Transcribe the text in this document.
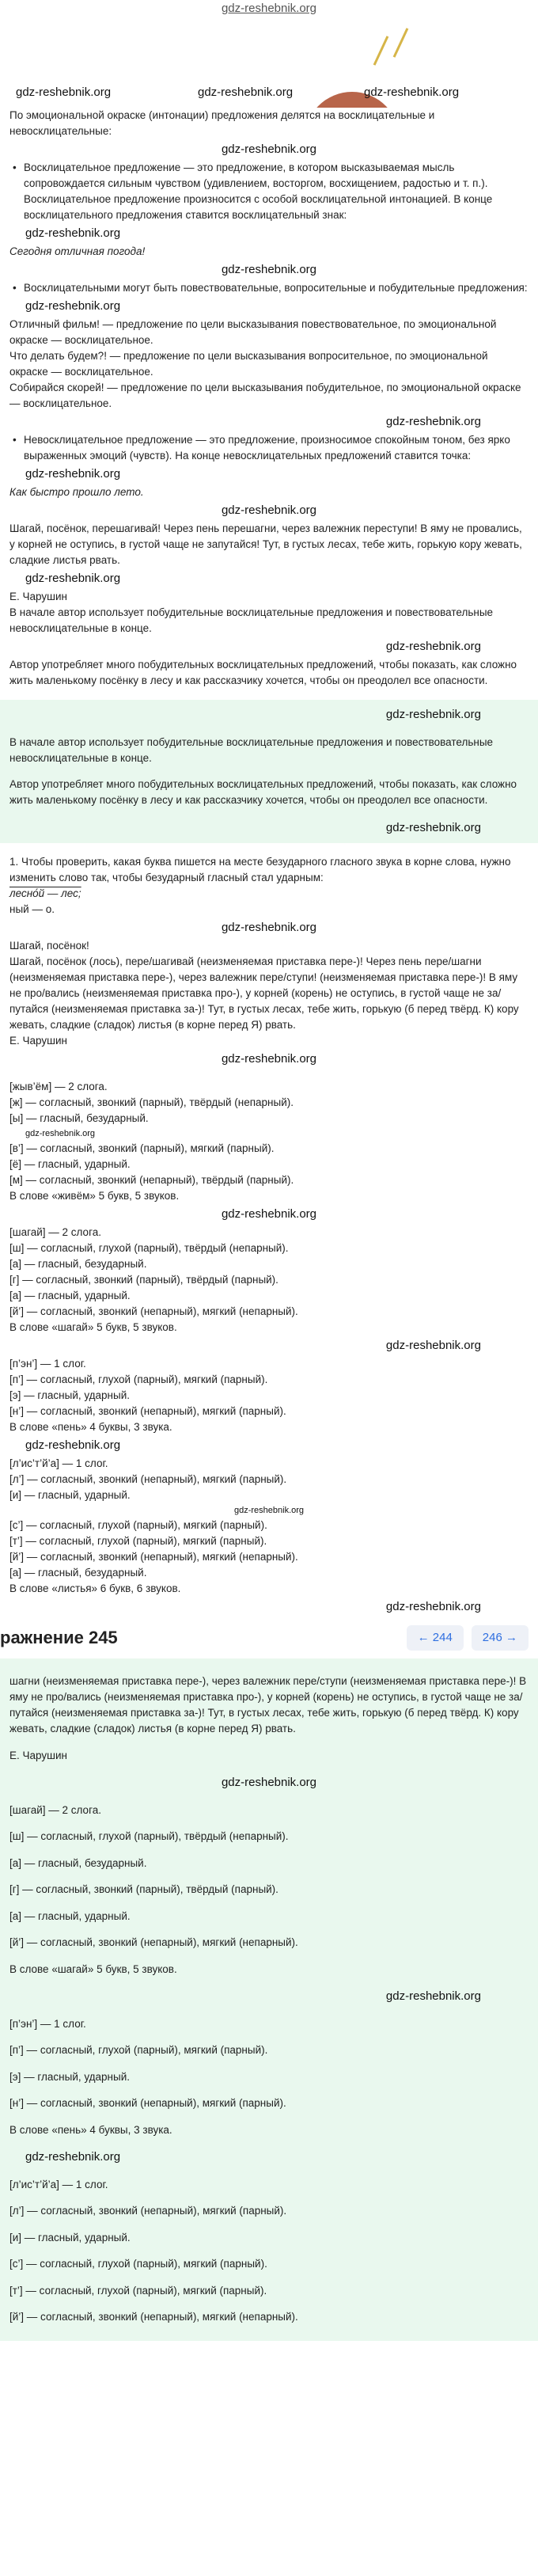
gdz-reshebnik.org
gdz-reshebnik.org	gdz-reshebnik.org	gdz-reshebnik.org

По эмоциональной окраске (интонации) предложения делятся на восклицательные и невосклицательные:

gdz-reshebnik.org

• Восклицательное предложение — это предложение, в котором высказываемая мысль сопровождается сильным чувством (удивлением, восторгом, восхищением, радостью и т. п.). Восклицательное предложение произносится с особой восклицательной интонацией. В конце восклицательного предложения ставится восклицательный знак:

gdz-reshebnik.org

Сегодня отличная погода!

gdz-reshebnik.org

• Восклицательными могут быть повествовательные, вопросительные и побудительные предложения:

gdz-reshebnik.org

Отличный фильм! — предложение по цели высказывания повествовательное, по эмоциональной окраске — восклицательное.

Что делать будем?! — предложение по цели высказывания вопросительное, по эмоциональной окраске — восклицательное.

Собирайся скорей! — предложение по цели высказывания побудительное, по эмоциональной окраске — восклицательное.

gdz-reshebnik.org

• Невосклицательное предложение — это предложение, произносимое спокойным тоном, без ярко выраженных эмоций (чувств). На конце невосклицательных предложений ставится точка:

gdz-reshebnik.org

Как быстро прошло лето.

gdz-reshebnik.org

Шагай, посёнок, перешагивай! Через пень перешагни, через валежник переступи! В яму не провались, у корней не оступись, в густой чаще не запутайся! Тут, в густых лесах, тебе жить, горькую кору жевать, сладкие листья рвать.

gdz-reshebnik.org

Е. Чарушин

В начале автор использует побудительные восклицательные предложения и повествовательные невосклицательные в конце.

gdz-reshebnik.org

Автор употребляет много побудительных восклицательных предложений, чтобы показать, как сложно жить маленькому посёнку в лесу и как рассказчику хочется, чтобы он преодолел все опасности.

gdz-reshebnik.org

В начале автор использует побудительные восклицательные предложения и повествовательные невосклицательные в конце.

Автор употребляет много побудительных восклицательных предложений, чтобы показать, как сложно жить маленькому посёнку в лесу и как рассказчику хочется, чтобы он преодолел все опасности.

gdz-reshebnik.org

1. Чтобы проверить, какая буква пишется на месте безударного гласного звука в корне слова, нужно изменить слово так, чтобы безударный гласный стал ударным:

лесно́й — лес;

ный — о.

gdz-reshebnik.org

Шагай, посёнок!

Шагай, посёнок (лось), пере/шагивай (неизменяемая приставка пере-)! Через пень пере/шагни (неизменяемая приставка пере-), через валежник пере/ступи! (неизменяемая приставка пере-)! В яму не про/вались (неизменяемая приставка про-), у корней (корень) не оступись, в густой чаще не за/путайся (неизменяемая приставка за-)! Тут, в густых лесах, тебе жить, горькую (б перед твёрд. К) кору жевать, сладкие (сладок) листья (в корне перед Я) рвать.

Е. Чарушин

gdz-reshebnik.org

[жыв’ём] — 2 слога.

[ж] — согласный, звонкий (парный), твёрдый (непарный).

[ы] — гласный, безударный.

gdz-reshebnik.org

[в’] — согласный, звонкий (парный), мягкий (парный).

[ё] — гласный, ударный.

[м] — согласный, звонкий (непарный), твёрдый (парный).

В слове «живём» 5 букв, 5 звуков.

gdz-reshebnik.org

[шагай] — 2 слога.

[ш] — согласный, глухой (парный), твёрдый (непарный).

[а] — гласный, безударный.

[г] — согласный, звонкий (парный), твёрдый (парный).

[а] — гласный, ударный.

[й’] — согласный, звонкий (непарный), мягкий (непарный).

В слове «шагай» 5 букв, 5 звуков.

gdz-reshebnik.org

[п’эн’] — 1 слог.

[п’] — согласный, глухой (парный), мягкий (парный).

[э] — гласный, ударный.

[н’] — согласный, звонкий (непарный), мягкий (парный).

В слове «пень» 4 буквы, 3 звука.

gdz-reshebnik.org

[л’ис’т’й’а] — 1 слог.

[л’] — согласный, звонкий (непарный), мягкий (парный).

[и] — гласный, ударный.

gdz-reshebnik.org

[с’] — согласный, глухой (парный), мягкий (парный).

[т’] — согласный, глухой (парный), мягкий (парный).

[й’] — согласный, звонкий (непарный), мягкий (непарный).

[а] — гласный, безударный.

В слове «листья» 6 букв, 6 звуков.

gdz-reshebnik.org
ражнение 245	← 244	246 →

шагни (неизменяемая приставка пере-), через валежник пере/ступи (неизменяемая приставка пере-)! В яму не про/вались (неизменяемая приставка про-), у корней (корень) не оступись, в густой чаще не за/путайся (неизменяемая приставка за-)! Тут, в густых лесах, тебе жить, горькую (б перед твёрд. К) кору жевать, сладкие (сладок) листья (в корне перед Я) рвать.

Е. Чарушин

gdz-reshebnik.org

[шагай] — 2 слога.

[ш] — согласный, глухой (парный), твёрдый (непарный).

[а] — гласный, безударный.

[г] — согласный, звонкий (парный), твёрдый (парный).

[а] — гласный, ударный.

[й’] — согласный, звонкий (непарный), мягкий (непарный).

В слове «шагай» 5 букв, 5 звуков.

gdz-reshebnik.org

[п’эн’] — 1 слог.

[п’] — согласный, глухой (парный), мягкий (парный).

[э] — гласный, ударный.

[н’] — согласный, звонкий (непарный), мягкий (парный).

В слове «пень» 4 буквы, 3 звука.

gdz-reshebnik.org

[л’ис’т’й’а] — 1 слог.

[л’] — согласный, звонкий (непарный), мягкий (парный).

[и] — гласный, ударный.

[с’] — согласный, глухой (парный), мягкий (парный).

[т’] — согласный, глухой (парный), мягкий (парный).

[й’] — согласный, звонкий (непарный), мягкий (непарный).
